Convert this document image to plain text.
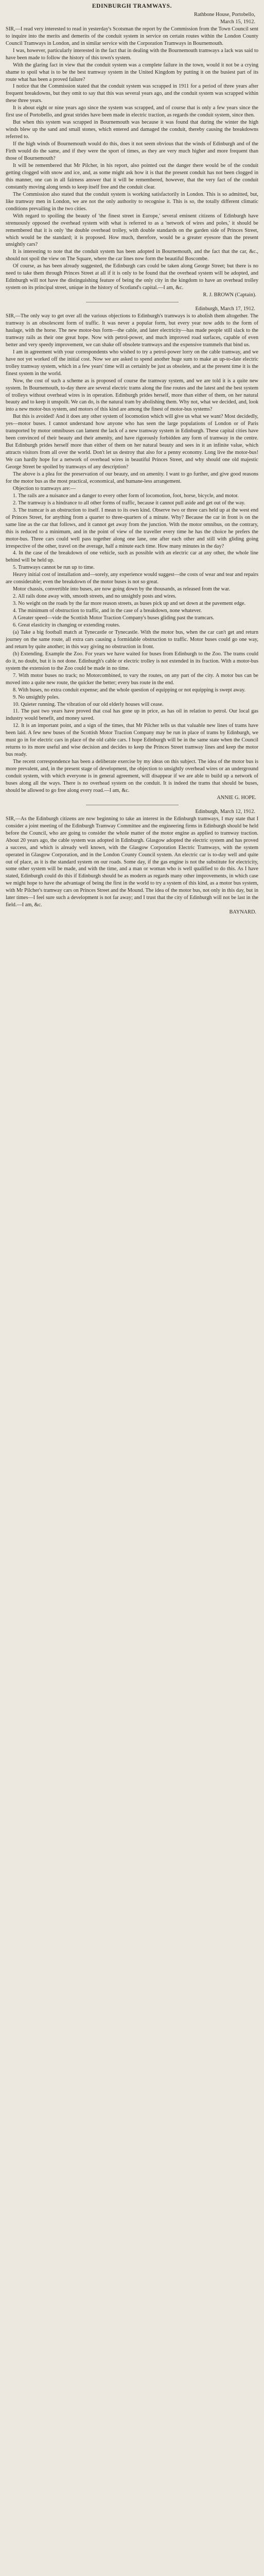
EDINBURGH TRAMWAYS.
Rathbone House, Portobello,
March 15, 1912.

SIR,—I read very interested to read in yesterday's Scotsman the report by the Commission from the Town Council sent to inquire into the merits and demerits of the conduit system in service on certain routes within the London County Council Tramways in London, and in similar service with the Corporation Tramways in Bournemouth.

I was, however, particularly interested in the fact that in dealing with the Bournemouth tramways a lack was said to have been made to follow the history of this town's system.

With the glaring fact in view that the conduit system was a complete failure in the town, would it not be a crying shame to spoil what is to be the best tramway system in the United Kingdom by putting it on the busiest part of its route what has been a proved failure?

I notice that the Commission stated that the conduit system was scrapped in 1911 for a period of three years after frequent breakdowns, but they omit to say that this was several years ago, and the conduit system was scrapped within these three years.

It is about eight or nine years ago since the system was scrapped, and of course that is only a few years since the first use of Portobello, and great strides have been made in electric traction, as regards the conduit system, since then.

But when this system was scrapped in Bournemouth was because it was found that during the winter the high winds blew up the sand and small stones, which entered and damaged the conduit, thereby causing the breakdowns referred to.

If the high winds of Bournemouth would do this, does it not seem obvious that the winds of Edinburgh and of the Firth would do the same, and if they were the sport of times, as they are very much higher and more frequent than those of Bournemouth?

It will be remembered that Mr Pilcher, in his report, also pointed out the danger there would be of the conduit getting clogged with snow and ice, and, as some might ask how it is that the present conduit has not been clogged in this manner, one can in all fairness answer that it will be remembered, however, that the very fact of the conduit constantly moving along tends to keep itself free and the conduit clear.

The Commission also stated that the conduit system is working satisfactorily in London. This is so admitted, but, like tramway men in London, we are not the only authority to recognise it. This is so, the totally different climatic conditions prevailing in the two cities.

With regard to spoiling the beauty of 'the finest street in Europe,' several eminent citizens of Edinburgh have strenuously opposed the overhead system with what is referred to as a 'network of wires and poles,' it should be remembered that it is only 'the double overhead trolley, with double standards on the garden side of Princes Street, which would be the standard; it is proposed. How much, therefore, would be a greater eyesore than the present unsightly cars?

It is interesting to note that the conduit system has been adopted in Bournemouth, and the fact that the car, &c., should not spoil the view on The Square, where the car lines now form the beautiful Boscombe.

Of course, as has been already suggested, the Edinburgh cars could be taken along George Street; but there is no need to take them through Princes Street at all if it is only to be found that the overhead system will be adopted, and Edinburgh will not have the distinguishing feature of being the only city in the kingdom to have an overhead trolley system on its principal street, unique in the history of Scotland's capital.—I am, &c.

R. J. BROWN (Captain).
Edinburgh, March 17, 1912.

SIR,—The only way to get over all the various objections to Edinburgh's tramways is to abolish them altogether. The tramway is an obsolescent form of traffic. It was never a popular form, but every year now adds to the form of haulage, with the horse. The new motor-bus form—the cable, and later electricity—has made people still slack to the tramway rails as their one great hope. Now with petrol-power, and much improved road surfaces, capable of even better and very speedy improvement, we can shake off obsolete tramways and the expensive trammels that bind us.

I am in agreement with your correspondents who wished to try a petrol-power lorry on the cable tramway, and we have not yet worked off the initial cost. Now we are asked to spend another huge sum to make an up-to-date electric trolley tramway system, which in a few years' time will as certainly be just as obsolete, and at the present time it is the finest system in the world.

Now, the cost of such a scheme as is proposed of course the tramway system, and we are told it is a quite new system. In Bournemouth, to-day there are several electric trams along the fine routes and the latest and the best system of trolleys without overhead wires is in operation. Edinburgh prides herself, more than either of them, on her natural beauty and to keep it unspoilt. We can do, is the natural tram by abolishing them. Why not, what we decided, and, look into a new motor-bus system, and motors of this kind are among the finest of motor-bus systems?

But this is avoided! And it does any other system of locomotion which will give us what we want? Most decidedly, yes—motor buses. I cannot understand how anyone who has seen the large populations of London or of Paris transported by motor omnibuses can lament the lack of a new tramway system in Edinburgh. These capital cities have been convinced of their beauty and their amenity, and have rigorously forbidden any form of tramway in the centre. But Edinburgh prides herself more than either of them on her natural beauty and sees in it an infinite value, which attracts visitors from all over the world. Don't let us destroy that also for a penny economy. Long live the motor-bus! We can hardly hope for a network of overhead wires in beautiful Princes Street, and why should one old majestic George Street be spoiled by tramways of any description?

The above is a plea for the preservation of our beauty, and on amenity. I want to go further, and give good reasons for the motor bus as the most practical, economical, and humane-less arrangement.

Objection to tramways are:—

1. The rails are a nuisance and a danger to every other form of locomotion, foot, horse, bicycle, and motor.

2. The tramway is a hindrance to all other forms of traffic, because it cannot pull aside and get out of the way.

3. The tramcar is an obstruction to itself. I mean to its own kind. Observe two or three cars held up at the west end of Princes Street, for anything from a quarter to three-quarters of a minute. Why? Because the car in front is on the same line as the car that follows, and it cannot get away from the junction. With the motor omnibus, on the contrary, this is reduced to a minimum, and in the point of view of the traveller every time he has the choice he prefers the motor-bus. Three cars could well pass together along one lane, one after each other and still with gliding going irrespective of the other, travel on the average, half a minute each time. How many minutes in the day?

4. In the case of the breakdown of one vehicle, such as possible with an electric car at any other, the whole line behind will be held up.

5. Tramways cannot be run up to time.

Heavy initial cost of installation and—sorely, any experience would suggest—the costs of wear and tear and repairs are considerable; even the breakdown of the motor buses is not so great.

Motor chassis, convertible into buses, are now going down by the thousands, as released from the war.

2. All rails done away with, smooth streets, and no unsightly posts and wires.

3. No weight on the roads by the far more reason streets, as buses pick up and set down at the pavement edge.

4. The minimum of obstruction to traffic, and in the case of a breakdown, none whatever.

A Greater speed—vide the Scottish Motor Traction Company's buses gliding past the tramcars.

6. Great elasticity in changing or extending routes.

(a) Take a big football match at Tynecastle or Tynecastle. With the motor bus, when the car can't get and return journey on the same route, all extra cars causing a formidable obstruction to traffic. Motor buses could go one way, and return by quite another; in this way giving no obstruction in front.

(b) Extending. Example the Zoo. For years we have waited for buses from Edinburgh to the Zoo. The trams could do it, no doubt, but it is not done. Edinburgh's cable or electric trolley is not extended in its fraction. With a motor-bus system the extension to the Zoo could be made in no time.

7. With motor buses no track; no Motorcombined, to vary the routes, on any part of the city. A motor bus can be moved into a quite new route, the quicker the better; every bus route in the end.

8. With buses, no extra conduit expense; and the whole question of equipping or not equipping is swept away.

9. No unsightly poles.

10. Quieter running. The vibration of our old elderly houses will cease.

11. The past two years have proved that coal has gone up in price, as has oil in relation to petrol. Our local gas industry would benefit, and money saved.

12. It is an important point, and a sign of the times, that Mr Pilcher tells us that valuable new lines of trams have been laid. A few new buses of the Scottish Motor Traction Company may be run in place of trams by Edinburgh, we must go in for electric cars in place of the old cable cars. I hope Edinburgh will be in the same state when the Council returns to its more useful and wise decision and decides to keep the Princes Street tramway lines and keep the motor bus ready.

The recent correspondence has been a deliberate exercise by my ideas on this subject. The idea of the motor bus is more prevalent, and, in the present stage of development, the objection to unsightly overhead wires or an underground conduit system, with which everyone is in general agreement, will disappear if we are able to build up a network of buses along all the ways. There is no overhead system on the conduit. It is indeed the trams that should be buses, should be allowed to go free along every road.—I am, &c.

ANNIE G. HOPE.
Edinburgh, March 12, 1912.

SIR,—As the Edinburgh citizens are now beginning to take an interest in the Edinburgh tramways, I may state that I consider a joint meeting of the Edinburgh Tramway Committee and the engineering firms in Edinburgh should be held before the Council, who are going to consider the whole matter of the motor engine as applied to tramway traction. About 20 years ago, the cable system was adopted in Edinburgh. Glasgow adopted the electric system and has proved a success, and which is already well known, with the Glasgow Corporation Electric Tramways, with the system operated in Glasgow Corporation, and in the London County Council system. An electric car is to-day well and quite out of place, as it is the standard system on our roads. Some day, if the gas engine is not the substitute for electricity, some other system will be made, and with the time, and a man or woman who is well qualified to do this. As I have stated, Edinburgh could do this if Edinburgh should be as modern as regards many other improvements, in which case we might hope to have the advantage of being the first in the world to try a system of this kind, as a motor bus system, with Mr Pilcher's tramway cars on Princes Street and the Mound. The idea of the motor bus, not only in this day, but in later times—I feel sure such a development is not far away; and I trust that the city of Edinburgh will not be last in the field.—I am, &c.

BAYNARD.
